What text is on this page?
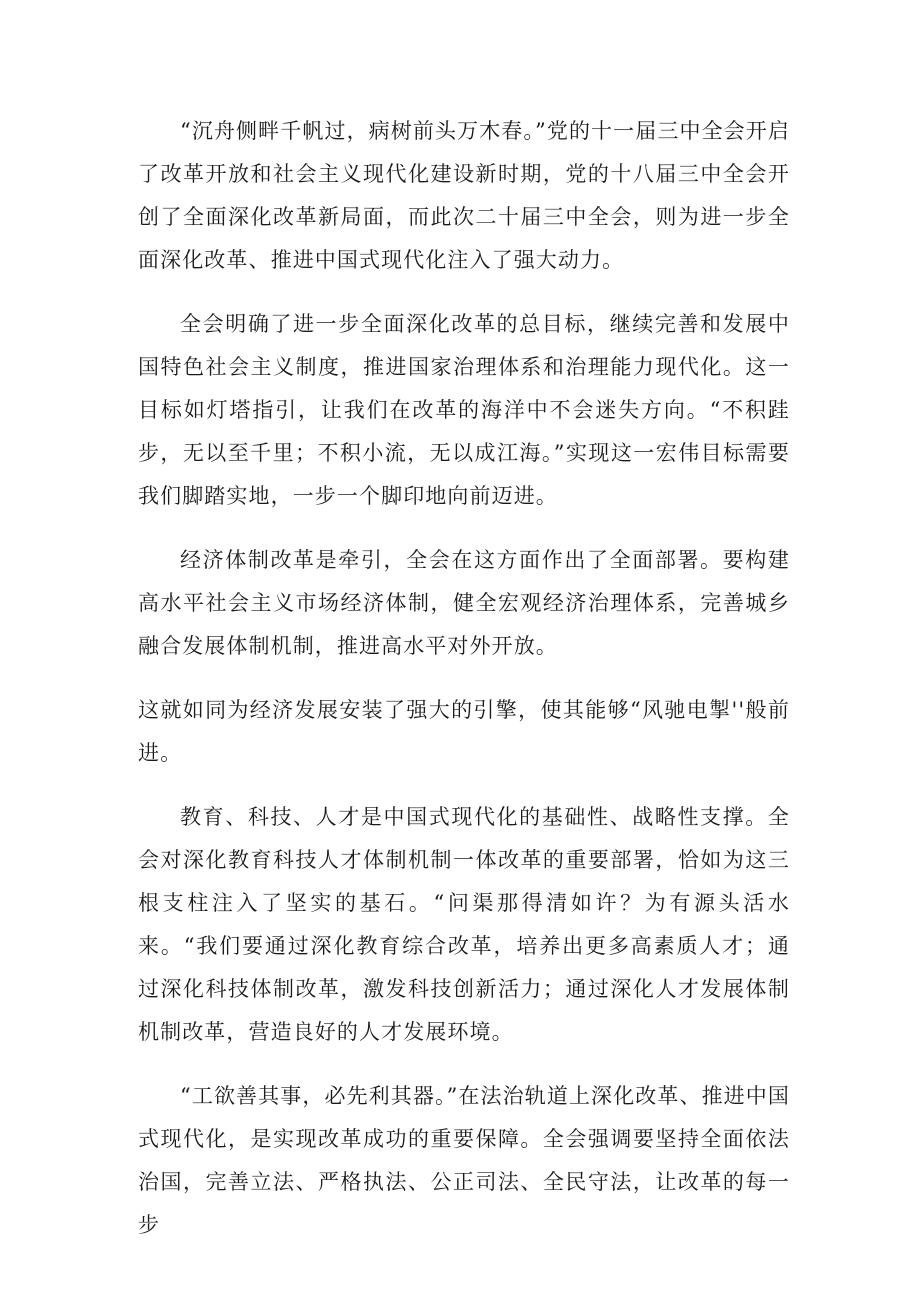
“沉舟侧畔千帆过，病树前头万木春。”党的十一届三中全会开启了改革开放和社会主义现代化建设新时期，党的十八届三中全会开创了全面深化改革新局面，而此次二十届三中全会，则为进一步全面深化改革、推进中国式现代化注入了强大动力。

全会明确了进一步全面深化改革的总目标，继续完善和发展中国特色社会主义制度，推进国家治理体系和治理能力现代化。这一目标如灯塔指引，让我们在改革的海洋中不会迷失方向。“不积跬步，无以至千里；不积小流，无以成江海。”实现这一宏伟目标需要我们脚踏实地，一步一个脚印地向前迈进。

经济体制改革是牵引，全会在这方面作出了全面部署。要构建高水平社会主义市场经济体制，健全宏观经济治理体系，完善城乡融合发展体制机制，推进高水平对外开放。

这就如同为经济发展安装了强大的引擎，使其能够“风驰电掣''般前进。

教育、科技、人才是中国式现代化的基础性、战略性支撑。全会对深化教育科技人才体制机制一体改革的重要部署，恰如为这三根支柱注入了坚实的基石。“问渠那得清如许？为有源头活水来。“我们要通过深化教育综合改革，培养出更多高素质人才；通过深化科技体制改革，激发科技创新活力；通过深化人才发展体制机制改革，营造良好的人才发展环境。

“工欲善其事，必先利其器。”在法治轨道上深化改革、推进中国式现代化，是实现改革成功的重要保障。全会强调要坚持全面依法治国，完善立法、严格执法、公正司法、全民守法，让改革的每一步
